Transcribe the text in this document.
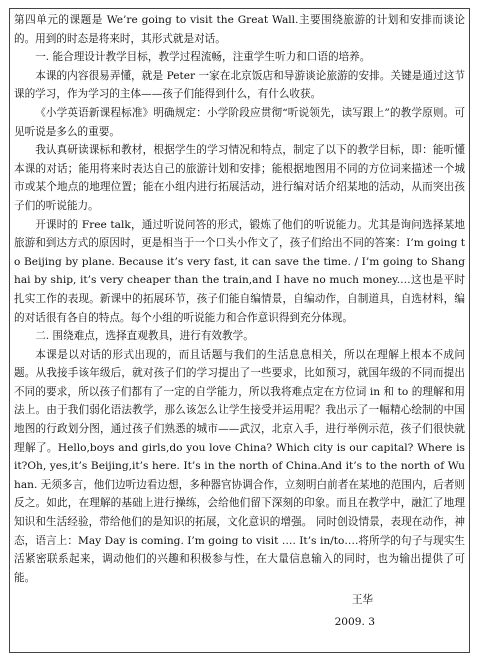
第四单元的课题是 We’re going to visit the Great Wall.主要围绕旅游的计划和安排而谈论的。用到的时态是将来时，其形式就是对话。

一. 能合理设计教学目标，教学过程流畅，注重学生听力和口语的培养。

本课的内容很易弄懂，就是 Peter 一家在北京饭店和导游谈论旅游的安排。关键是通过这节课的学习，作为学习的主体——孩子们能得到什么，有什么收获。

《小学英语新课程标准》明确规定：小学阶段应贯彻“听说领先，读写跟上”的教学原则。可见听说是多么的重要。

我认真研读课标和教材，根据学生的学习情况和特点，制定了以下的教学目标，即：能听懂本课的对话；能用将来时表达自己的旅游计划和安排；能根据地图用不同的方位词来描述一个城市或某个地点的地理位置；能在小组内进行拓展活动，进行编对话介绍某地的活动，从而突出孩子们的听说能力。

开课时的 Free talk，通过听说问答的形式，锻炼了他们的听说能力。尤其是询问选择某地旅游和到达方式的原因时，更是相当于一个口头小作文了，孩子们给出不同的答案：I’m going to Beijing by plane. Because it’s very fast, it can save the time. / I’m going to Shanghai by ship, it’s very cheaper than the train,and I have no much money.…这也是平时扎实工作的表现。新课中的拓展环节，孩子们能自编情景，自编动作，自制道具，自选材料，编的对话很有各自的特点。每个小组的听说能力和合作意识得到充分体现。

二. 围绕难点，选择直观教具，进行有效教学。

本课是以对话的形式出现的，而且话题与我们的生活息息相关，所以在理解上根本不成问题。从我接手该年级后，就对孩子们的学习提出了一些要求，比如预习，就国年级的不同而提出不同的要求，所以孩子们都有了一定的自学能力，所以我将难点定在方位词 in 和 to 的理解和用法上。由于我们弱化语法教学，那么该怎么让学生接受并运用呢？我出示了一幅精心绘制的中国地图的行政划分图，通过孩子们熟悉的城市——武汉，北京入手，进行举例示范，孩子们很快就理解了。Hello,boys and girls,do you love China? Which city is our capital? Where is it?Oh, yes,it’s Beijing,it’s here. It’s in the north of China.And it’s to the north of Wuhan. 无须多言，他们边听边看边想，多种器官协调合作，立刻明白前者在某地的范围内，后者则反之。如此，在理解的基础上进行操练，会给他们留下深刻的印象。而且在教学中，融汇了地理知识和生活经验，带给他们的是知识的拓展，文化意识的增强。 同时创设情景，表现在动作，神态，语言上：May Day is coming. I’m going to visit …. It’s in/to….将所学的句子与现实生活紧密联系起来，调动他们的兴趣和积极参与性，在大量信息输入的同时，也为输出提供了可能。

王华

2009. 3
